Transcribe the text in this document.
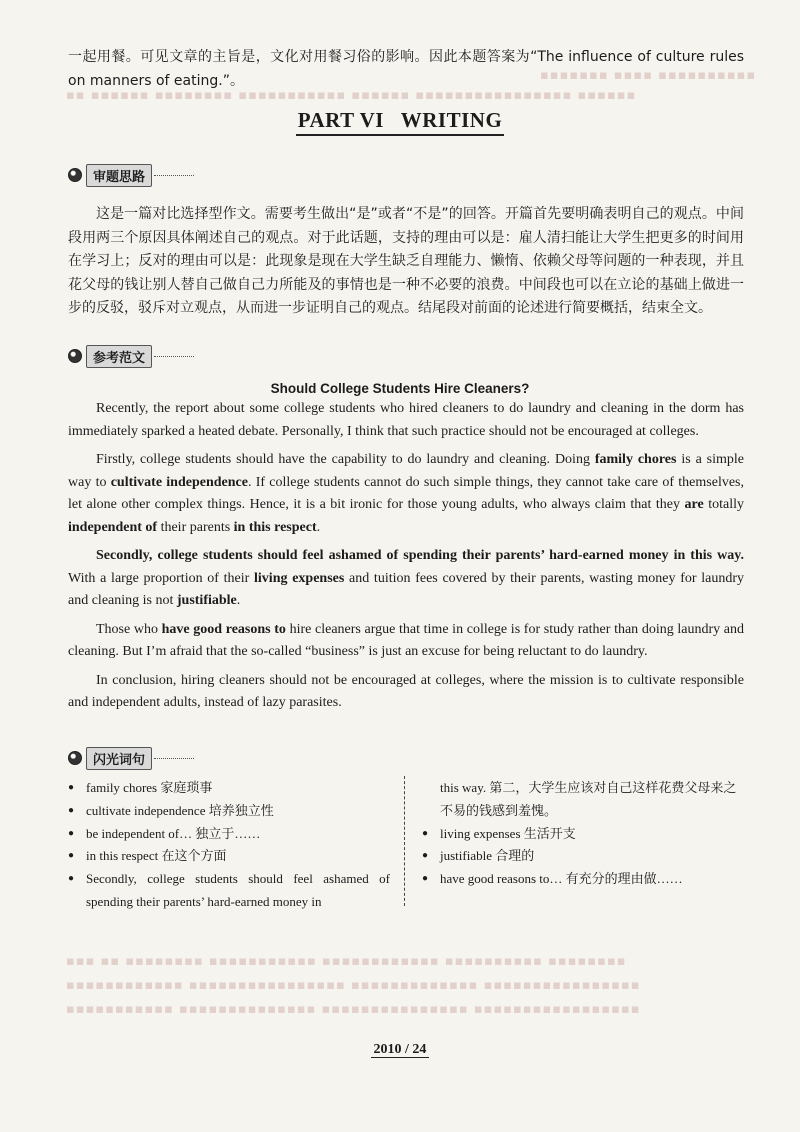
▪▪▪▪▪▪▪ ▪▪▪▪ ▪▪▪▪▪▪▪▪▪▪
▪▪ ▪▪▪▪▪▪ ▪▪▪▪▪▪▪▪ ▪▪▪▪▪▪▪▪▪▪▪ ▪▪▪▪▪▪ ▪▪▪▪▪▪▪▪▪▪▪▪▪▪▪▪ ▪▪▪▪▪▪
▪▪▪ ▪▪ ▪▪▪▪▪▪▪▪ ▪▪▪▪▪▪▪▪▪▪▪ ▪▪▪▪▪▪▪▪▪▪▪▪ ▪▪▪▪▪▪▪▪▪▪ ▪▪▪▪▪▪▪▪
▪▪▪▪▪▪▪▪▪▪▪▪ ▪▪▪▪▪▪▪▪▪▪▪▪▪▪▪▪ ▪▪▪▪▪▪▪▪▪▪▪▪▪ ▪▪▪▪▪▪▪▪▪▪▪▪▪▪▪▪
▪▪▪▪▪▪▪▪▪▪▪ ▪▪▪▪▪▪▪▪▪▪▪▪▪▪ ▪▪▪▪▪▪▪▪▪▪▪▪▪▪▪ ▪▪▪▪▪▪▪▪▪▪▪▪▪▪▪▪▪
一起用餐。可见文章的主旨是，文化对用餐习俗的影响。因此本题答案为“The influence of culture rules on manners of eating.”。
PART VI   WRITING
审题思路
这是一篇对比选择型作文。需要考生做出“是”或者“不是”的回答。开篇首先要明确表明自己的观点。中间段用两三个原因具体阐述自己的观点。对于此话题，支持的理由可以是：雇人清扫能让大学生把更多的时间用在学习上；反对的理由可以是：此现象是现在大学生缺乏自理能力、懒惰、依赖父母等问题的一种表现，并且花父母的钱让别人替自己做自己力所能及的事情也是一种不必要的浪费。中间段也可以在立论的基础上做进一步的反驳，驳斥对立观点，从而进一步证明自己的观点。结尾段对前面的论述进行简要概括，结束全文。
参考范文
Should College Students Hire Cleaners?

Recently, the report about some college students who hired cleaners to do laundry and cleaning in the dorm has immediately sparked a heated debate. Personally, I think that such practice should not be encouraged at colleges.

Firstly, college students should have the capability to do laundry and cleaning. Doing family chores is a simple way to cultivate independence. If college students cannot do such simple things, they cannot take care of themselves, let alone other complex things. Hence, it is a bit ironic for those young adults, who always claim that they are totally independent of their parents in this respect.

Secondly, college students should feel ashamed of spending their parents’ hard-earned money in this way. With a large proportion of their living expenses and tuition fees covered by their parents, wasting money for laundry and cleaning is not justifiable.

Those who have good reasons to hire cleaners argue that time in college is for study rather than doing laundry and cleaning. But I’m afraid that the so-called “business” is just an excuse for being reluctant to do laundry.

In conclusion, hiring cleaners should not be encouraged at colleges, where the mission is to cultivate responsible and independent adults, instead of lazy parasites.

闪光词句
● family chores 家庭琐事
● cultivate independence 培养独立性
● be independent of… 独立于……
● in this respect 在这个方面
● Secondly, college students should feel ashamed of spending their parents’ hard-earned money in
this way. 第二，大学生应该对自己这样花费父母来之不易的钱感到羞愧。
● living expenses 生活开支
● justifiable 合理的
● have good reasons to… 有充分的理由做……
2010 / 24
